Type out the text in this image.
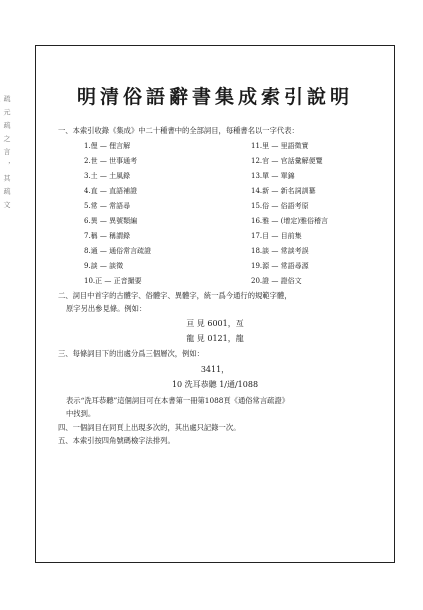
疏 元 疏 之 言 ， 其 疏 文
明清俗語辭書集成索引說明
一、本索引收錄《集成》中二十種書中的全部詞目，每種書名以一字代表：
1.俚 — 俚言解
2.世 — 世事通考
3.土 — 土風錄
4.直 — 直語補證
5.常 — 常語尋
6.異 — 異號類編
7.稱 — 稱謂錄
8.通 — 通俗常言疏證
9.談 — 談徵
10.正 — 正音撮要
11.里 — 里語徵實
12.官 — 官話彙解便覽
13.單 — 單錦
14.新 — 新名詞訓纂
15.俗 — 俗語考原
16.雅 — (增定)雅俗稽言
17.目 — 目前集
18.談 — 常談考誤
19.源 — 常語尋源
20.證 — 證俗文
二、詞目中首字的古體字、俗體字、異體字，統一爲今通行的規範字體，
原字另出參見條。例如：
亘 見 6001，亙
龍 見 0121，龍
三、每條詞目下的出處分爲三個層次，例如：
3411，
10 洗耳恭聽 1/通/1088
表示“洗耳恭聽”這個詞目可在本書第一冊第1088頁《通俗常言疏證》
中找到。
四、一個詞目在同頁上出現多次的，其出處只記錄一次。
五、本索引按四角號碼檢字法排列。
